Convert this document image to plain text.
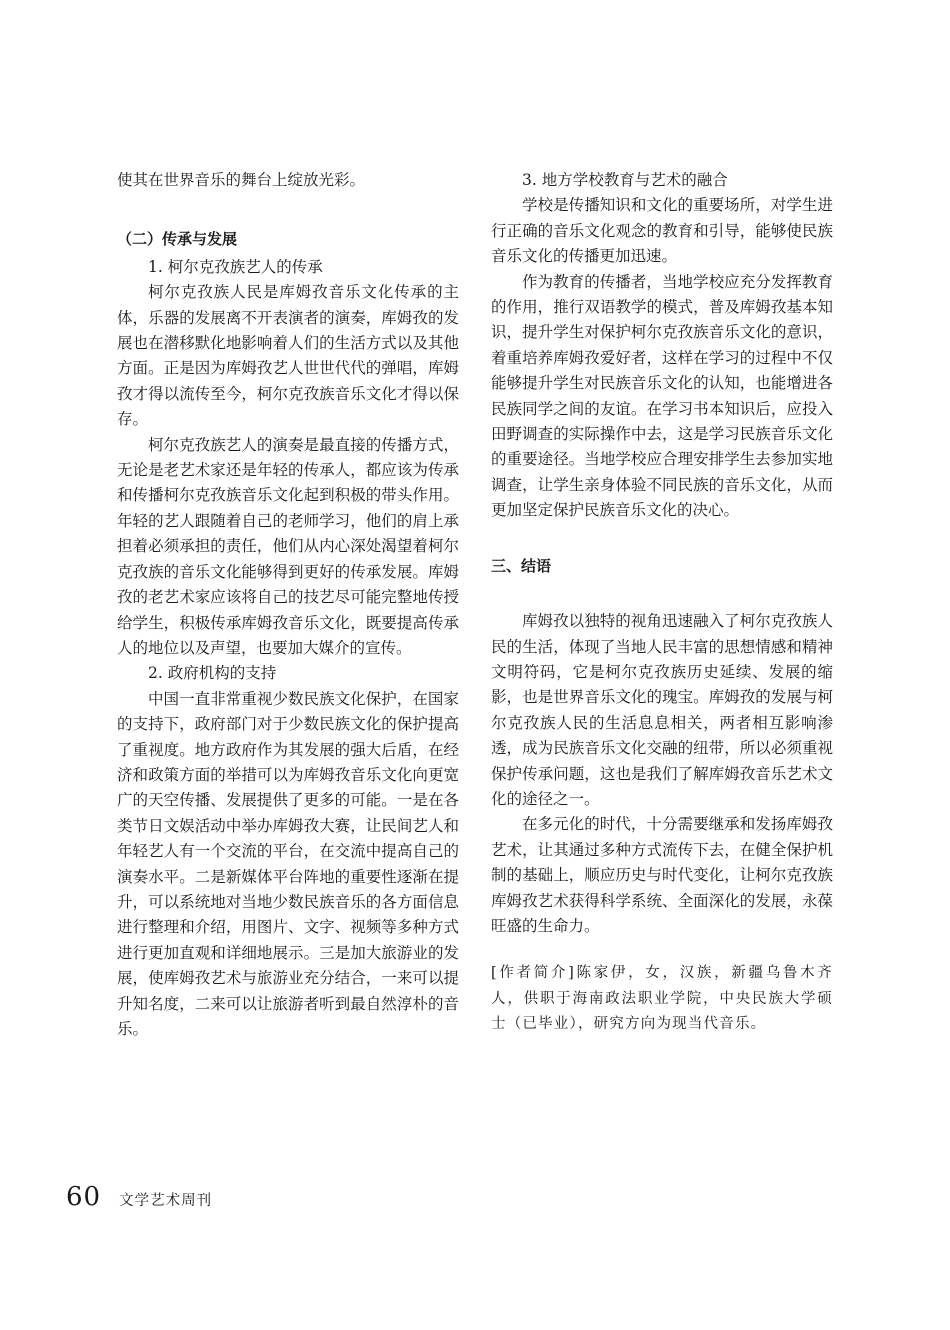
使其在世界音乐的舞台上绽放光彩。

（二）传承与发展

1. 柯尔克孜族艺人的传承

柯尔克孜族人民是库姆孜音乐文化传承的主体，乐器的发展离不开表演者的演奏，库姆孜的发展也在潜移默化地影响着人们的生活方式以及其他方面。正是因为库姆孜艺人世世代代的弹唱，库姆孜才得以流传至今，柯尔克孜族音乐文化才得以保存。

柯尔克孜族艺人的演奏是最直接的传播方式，无论是老艺术家还是年轻的传承人，都应该为传承和传播柯尔克孜族音乐文化起到积极的带头作用。年轻的艺人跟随着自己的老师学习，他们的肩上承担着必须承担的责任，他们从内心深处渴望着柯尔克孜族的音乐文化能够得到更好的传承发展。库姆孜的老艺术家应该将自己的技艺尽可能完整地传授给学生，积极传承库姆孜音乐文化，既要提高传承人的地位以及声望，也要加大媒介的宣传。

2. 政府机构的支持

中国一直非常重视少数民族文化保护，在国家的支持下，政府部门对于少数民族文化的保护提高了重视度。地方政府作为其发展的强大后盾，在经济和政策方面的举措可以为库姆孜音乐文化向更宽广的天空传播、发展提供了更多的可能。一是在各类节日文娱活动中举办库姆孜大赛，让民间艺人和年轻艺人有一个交流的平台，在交流中提高自己的演奏水平。二是新媒体平台阵地的重要性逐渐在提升，可以系统地对当地少数民族音乐的各方面信息进行整理和介绍，用图片、文字、视频等多种方式进行更加直观和详细地展示。三是加大旅游业的发展，使库姆孜艺术与旅游业充分结合，一来可以提升知名度，二来可以让旅游者听到最自然淳朴的音乐。

3. 地方学校教育与艺术的融合

学校是传播知识和文化的重要场所，对学生进行正确的音乐文化观念的教育和引导，能够使民族音乐文化的传播更加迅速。

作为教育的传播者，当地学校应充分发挥教育的作用，推行双语教学的模式，普及库姆孜基本知识，提升学生对保护柯尔克孜族音乐文化的意识，着重培养库姆孜爱好者，这样在学习的过程中不仅能够提升学生对民族音乐文化的认知，也能增进各民族同学之间的友谊。在学习书本知识后，应投入田野调查的实际操作中去，这是学习民族音乐文化的重要途径。当地学校应合理安排学生去参加实地调查，让学生亲身体验不同民族的音乐文化，从而更加坚定保护民族音乐文化的决心。

三、结语

库姆孜以独特的视角迅速融入了柯尔克孜族人民的生活，体现了当地人民丰富的思想情感和精神文明符码，它是柯尔克孜族历史延续、发展的缩影，也是世界音乐文化的瑰宝。库姆孜的发展与柯尔克孜族人民的生活息息相关，两者相互影响渗透，成为民族音乐文化交融的纽带，所以必须重视保护传承问题，这也是我们了解库姆孜音乐艺术文化的途径之一。

在多元化的时代，十分需要继承和发扬库姆孜艺术，让其通过多种方式流传下去，在健全保护机制的基础上，顺应历史与时代变化，让柯尔克孜族库姆孜艺术获得科学系统、全面深化的发展，永葆旺盛的生命力。

[作者简介]陈家伊，女，汉族，新疆乌鲁木齐人，供职于海南政法职业学院，中央民族大学硕士（已毕业），研究方向为现当代音乐。

60 文学艺术周刊
